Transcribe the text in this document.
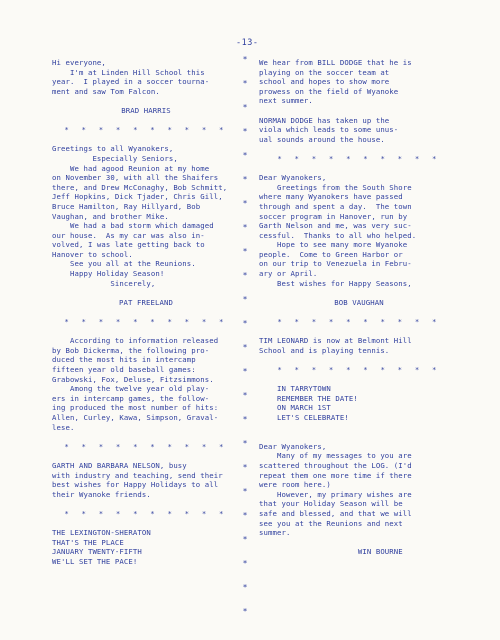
-13-
Hi everyone,
I'm at Linden Hill School this
year.  I played in a soccer tourna-
ment and saw Tom Falcon.
BRAD HARRIS
* * * * * * * * * *
Greetings to all Wyanokers,
Especially Seniors,
We had agood Reunion at my home
on November 30, with all the Shaifers
there, and Drew McConaghy, Bob Schmitt,
Jeff Hopkins, Dick Tjader, Chris Gill,
Bruce Hamilton, Ray Hillyard, Bob
Vaughan, and brother Mike.
We had a bad storm which damaged
our house.  As my car was also in-
volved, I was late getting back to
Hanover to school.
See you all at the Reunions.
Happy Holiday Season!
Sincerely,
PAT FREELAND
* * * * * * * * * *
According to information released
by Bob Dickerma, the following pro-
duced the most hits in intercamp
fifteen year old baseball games:
Grabowski, Fox, Deluse, Fitzsimmons.
Among the twelve year old play-
ers in intercamp games, the follow-
ing produced the most number of hits:
Allen, Curley, Kawa, Simpson, Graval-
lese.
* * * * * * * * * *
GARTH AND BARBARA NELSON, busy
with industry and teaching, send their
best wishes for Happy Holidays to all
their Wyanoke friends.
* * * * * * * * * *
THE LEXINGTON-SHERATON
THAT'S THE PLACE
JANUARY TWENTY-FIFTH
WE'LL SET THE PACE!
*
*
*
*
*
*
*
*
*
*
*
*
*
*
*
*
*
*
*
*
*
*
*
*
We hear from BILL DODGE that he is
playing on the soccer team at
school and hopes to show more
prowess on the field of Wyanoke
next summer.
NORMAN DODGE has taken up the
viola which leads to some unus-
ual sounds around the house.
* * * * * * * * * *
Dear Wyanokers,
Greetings from the South Shore
where many Wyanokers have passed
through and spent a day.  The town
soccer program in Hanover, run by
Garth Nelson and me, was very suc-
cessful.  Thanks to all who helped.
Hope to see many more Wyanoke
people.  Come to Green Harbor or
on our trip to Venezuela in Febru-
ary or April.
Best wishes for Happy Seasons,
BOB VAUGHAN
* * * * * * * * * *
TIM LEONARD is now at Belmont Hill
School and is playing tennis.
* * * * * * * * * *
IN TARRYTOWN
REMEMBER THE DATE!
ON MARCH 1ST
LET'S CELEBRATE!
Dear Wyanokers,
Many of my messages to you are
scattered throughout the LOG. (I'd
repeat them one more time if there
were room here.)
However, my primary wishes are
that your Holiday Season will be
safe and blessed, and that we will
see you at the Reunions and next
summer.
WIN BOURNE
